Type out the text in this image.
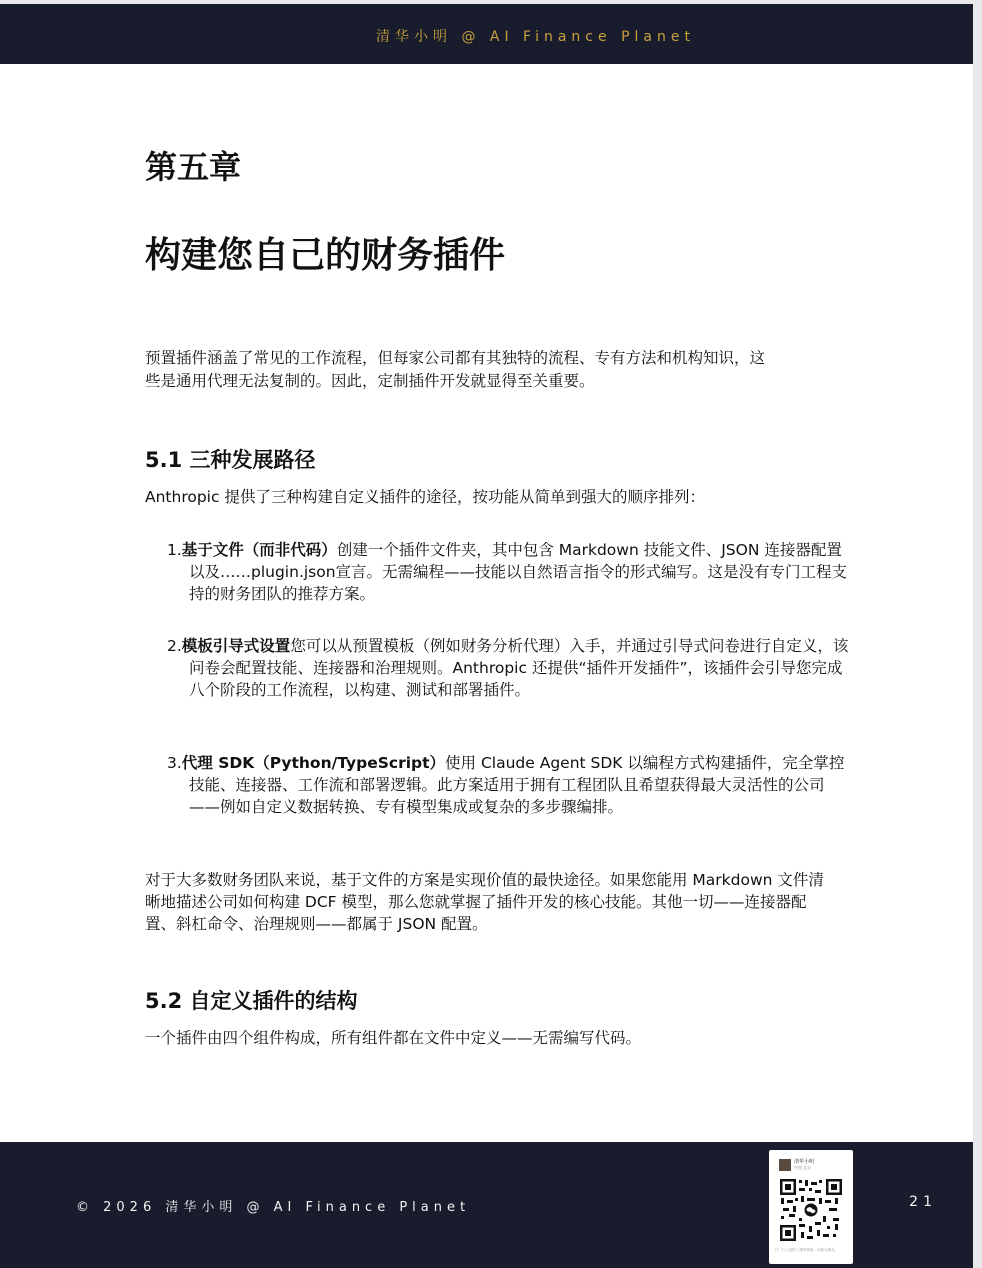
清华小明 @ AI Finance Planet
第五章
构建您自己的财务插件

预置插件涵盖了常见的工作流程，但每家公司都有其独特的流程、专有方法和机构知识，这

些是通用代理无法复制的。因此，定制插件开发就显得至关重要。

5.1 三种发展路径

Anthropic 提供了三种构建自定义插件的途径，按功能从简单到强大的顺序排列：

1.基于文件（而非代码）创建一个插件文件夹，其中包含 Markdown 技能文件、JSON 连接器配置以及……plugin.json宣言。无需编程——技能以自然语言指令的形式编写。这是没有专门工程支持的财务团队的推荐方案。

2.模板引导式设置您可以从预置模板（例如财务分析代理）入手，并通过引导式问卷进行自定义，该问卷会配置技能、连接器和治理规则。Anthropic 还提供“插件开发插件”，该插件会引导您完成八个阶段的工作流程，以构建、测试和部署插件。

3.代理 SDK（Python/TypeScript）使用 Claude Agent SDK 以编程方式构建插件，完全掌控技能、连接器、工作流和部署逻辑。此方案适用于拥有工程团队且希望获得最大灵活性的公司——例如自定义数据转换、专有模型集成或复杂的多步骤编排。

对于大多数财务团队来说，基于文件的方案是实现价值的最快途径。如果您能用 Markdown 文件清晰地描述公司如何构建 DCF 模型，那么您就掌握了插件开发的核心技能。其他一切——连接器配置、斜杠命令、治理规则——都属于 JSON 配置。

5.2 自定义插件的结构

一个插件由四个组件构成，所有组件都在文件中定义——无需编写代码。

© 2026 清华小明 @ AI Finance Planet
清华小明
中国 北京
扫一扫上面的二维码图案，加我为朋友。
21
